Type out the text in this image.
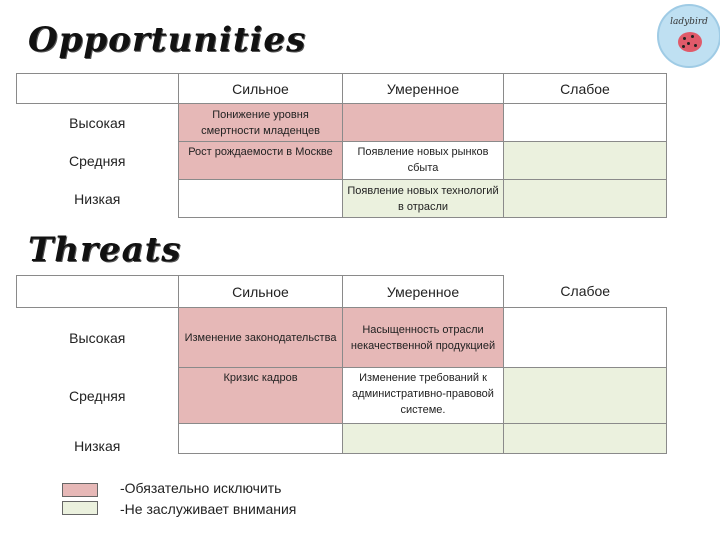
Opportunities	ladybird
	Сильное	Умеренное	Слабое
Высокая	Понижение уровня смертности младенцев		
Средняя	Рост рождаемости в Москве	Появление новых рынков сбыта	
Низкая		Появление новых технологий в отрасли	
Threats
	Сильное	Умеренное	Слабое
Высокая	Изменение законодательства	Насыщенность отрасли некачественной продукцией	
Средняя	Кризис кадров	Изменение требований к административно-правовой системе.	
Низкая			
-Обязательно исключить
-Не заслуживает внимания
